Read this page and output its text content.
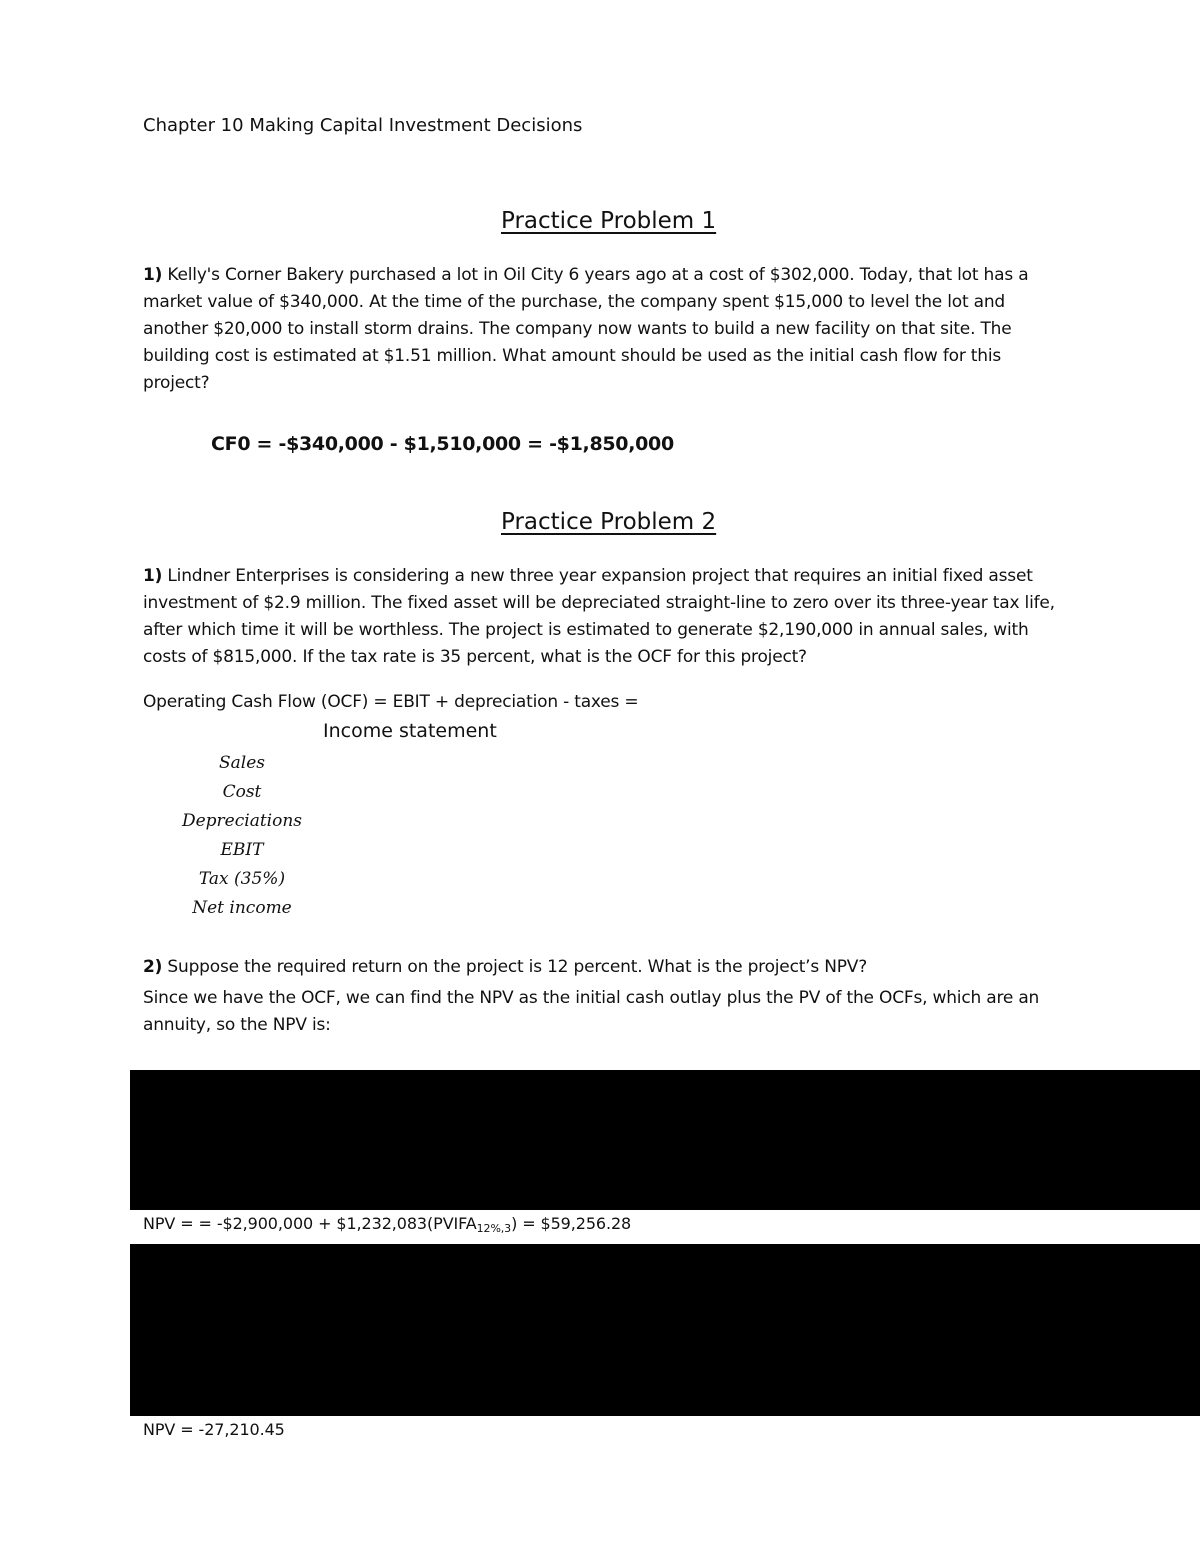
Chapter 10 Making Capital Investment Decisions
Practice Problem 1
1) Kelly's Corner Bakery purchased a lot in Oil City 6 years ago at a cost of $302,000. Today, that lot has a market value of $340,000. At the time of the purchase, the company spent $15,000 to level the lot and another $20,000 to install storm drains. The company now wants to build a new facility on that site. The building cost is estimated at $1.51 million. What amount should be used as the initial cash flow for this project?
CF0 = -$340,000 - $1,510,000 = -$1,850,000
Practice Problem 2
1) Lindner Enterprises is considering a new three year expansion project that requires an initial fixed asset investment of $2.9 million. The fixed asset will be depreciated straight-line to zero over its three-year tax life, after which time it will be worthless. The project is estimated to generate $2,190,000 in annual sales, with costs of $815,000. If the tax rate is 35 percent, what is the OCF for this project?
Operating Cash Flow (OCF) = EBIT + depreciation - taxes =
Income statement
Sales
Cost
Depreciations
EBIT
Tax (35%)
Net income
2) Suppose the required return on the project is 12 percent. What is the project’s NPV?
Since we have the OCF, we can find the NPV as the initial cash outlay plus the PV of the OCFs, which are an annuity, so the NPV is:
NPV = = -$2,900,000 + $\$1,232,083(PVIFA_{12\%,3})$ = $59,256.28
NPV = -27,210.45
